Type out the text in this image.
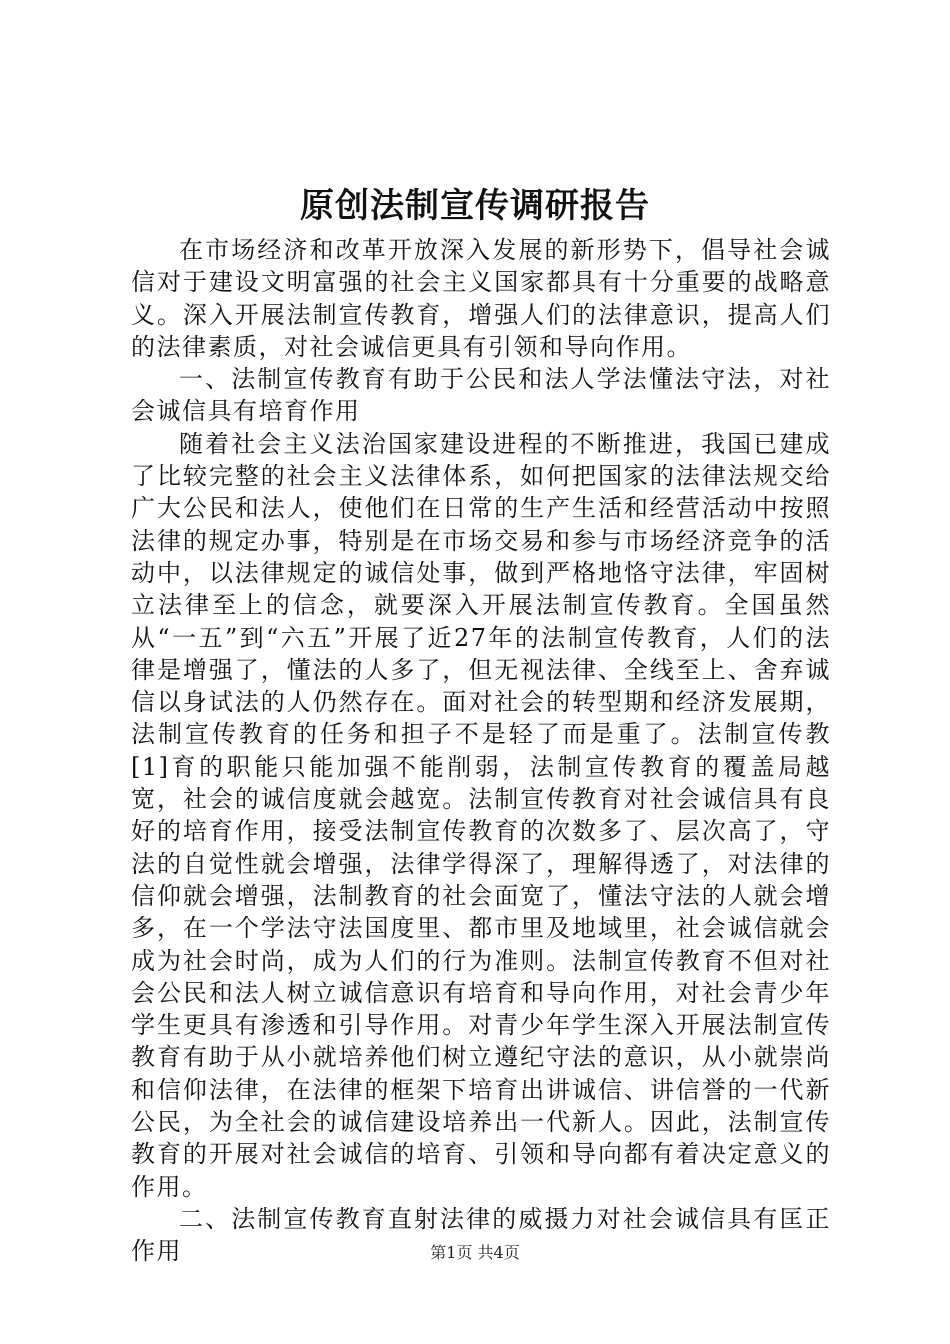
原创法制宣传调研报告

在市场经济和改革开放深入发展的新形势下，倡导社会诚信对于建设文明富强的社会主义国家都具有十分重要的战略意义。深入开展法制宣传教育，增强人们的法律意识，提高人们的法律素质，对社会诚信更具有引领和导向作用。

一、法制宣传教育有助于公民和法人学法懂法守法，对社会诚信具有培育作用

随着社会主义法治国家建设进程的不断推进，我国已建成了比较完整的社会主义法律体系，如何把国家的法律法规交给广大公民和法人，使他们在日常的生产生活和经营活动中按照法律的规定办事，特别是在市场交易和参与市场经济竞争的活动中，以法律规定的诚信处事，做到严格地恪守法律，牢固树立法律至上的信念，就要深入开展法制宣传教育。全国虽然从“一五”到“六五”开展了近27年的法制宣传教育，人们的法律是增强了，懂法的人多了，但无视法律、全线至上、舍弃诚信以身试法的人仍然存在。面对社会的转型期和经济发展期，法制宣传教育的任务和担子不是轻了而是重了。法制宣传教[1]育的职能只能加强不能削弱，法制宣传教育的覆盖局越宽，社会的诚信度就会越宽。法制宣传教育对社会诚信具有良好的培育作用，接受法制宣传教育的次数多了、层次高了，守法的自觉性就会增强，法律学得深了，理解得透了，对法律的信仰就会增强，法制教育的社会面宽了，懂法守法的人就会增多，在一个学法守法国度里、都市里及地域里，社会诚信就会成为社会时尚，成为人们的行为准则。法制宣传教育不但对社会公民和法人树立诚信意识有培育和导向作用，对社会青少年学生更具有渗透和引导作用。对青少年学生深入开展法制宣传教育有助于从小就培养他们树立遵纪守法的意识，从小就崇尚和信仰法律，在法律的框架下培育出讲诚信、讲信誉的一代新公民，为全社会的诚信建设培养出一代新人。因此，法制宣传教育的开展对社会诚信的培育、引领和导向都有着决定意义的作用。

二、法制宣传教育直射法律的威摄力对社会诚信具有匡正作用	第1页 共4页
